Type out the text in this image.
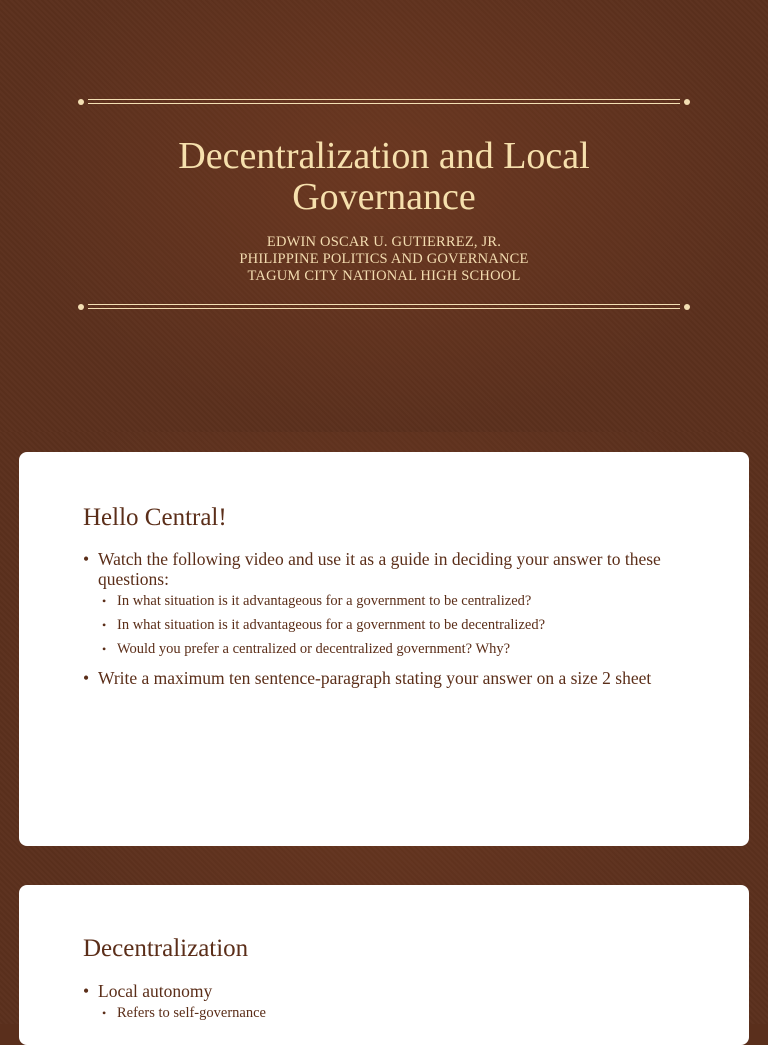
Decentralization and Local Governance
EDWIN OSCAR U. GUTIERREZ, JR.
PHILIPPINE POLITICS AND GOVERNANCE
TAGUM CITY NATIONAL HIGH SCHOOL
Hello Central!
• Watch the following video and use it as a guide in deciding your answer to these questions:
• In what situation is it advantageous for a government to be centralized?
• In what situation is it advantageous for a government to be decentralized?
• Would you prefer a centralized or decentralized government? Why?
• Write a maximum ten sentence-paragraph stating your answer on a size 2 sheet
Decentralization
• Local autonomy
• Refers to self-governance
